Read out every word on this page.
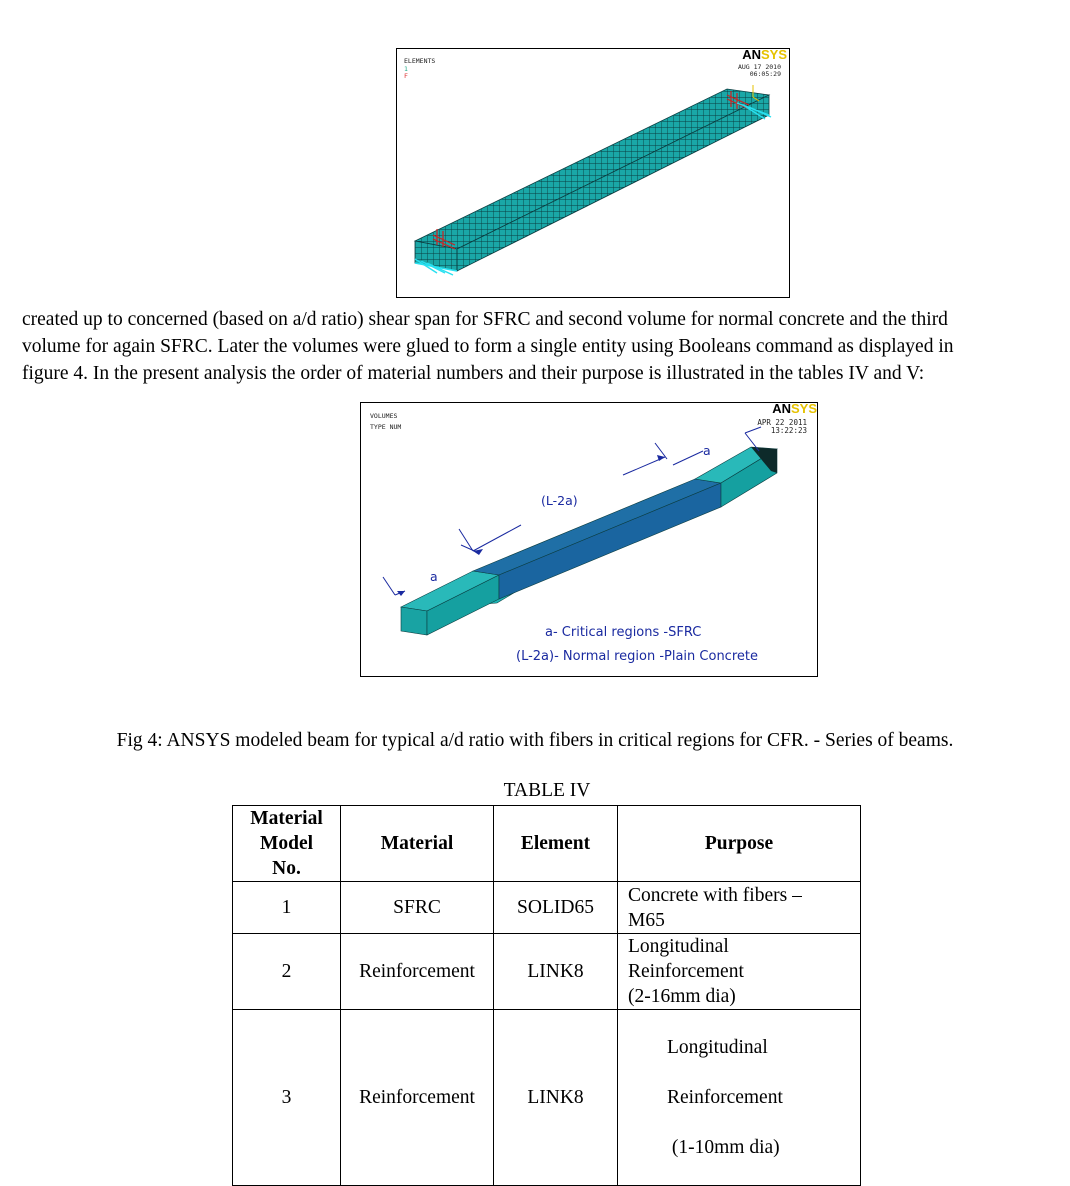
ELEMENTS
1
F
ANSYS
AUG 17 2010
06:05:29
created up to concerned (based on a/d ratio) shear span for SFRC and second volume for normal concrete and the third
volume for again SFRC. Later the volumes were glued to form a single entity using Booleans command as displayed in
figure 4. In the present analysis the order of material numbers and their purpose is illustrated in the tables IV and V:
VOLUMES
TYPE NUM
ANSYS
APR 22 2011
13:22:23
a
(L-2a)
a
a- Critical regions -SFRC
(L-2a)- Normal region -Plain Concrete
Fig 4: ANSYS modeled beam for typical a/d ratio with fibers in critical regions for CFR. - Series of beams.
TABLE IV
Material
Model
No.	Material	Element	Purpose
1	SFRC	SOLID65	Concrete with fibers –
M65
2	Reinforcement	LINK8	Longitudinal
Reinforcement
(2-16mm dia)
3	Reinforcement	LINK8	Longitudinal

Reinforcement

(1-10mm dia)
